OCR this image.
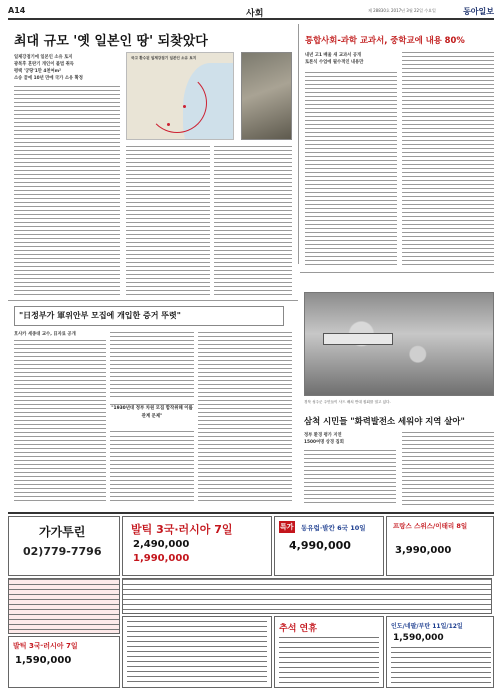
A14	사회	제 28830호 2017년 3월 22일 수요일	동아일보
최대 규모 '옛 일본인 땅' 되찾았다
일제강점기에 일본인 소유 토지
광복후 혼란기 개인이 불법 취득
평택 '궁땅'1만 4천여m²
소송 끝에 10년 만에 국가 소유 확정
국고 환수된 일제강점기 일본인 소유 토지
통합사회-과학 교과서, 중학교에 내용 80%
내년 고1 배울 새 교과서 공개
토론식 수업에 필수적인 내용만
"日정부가 軍위안부 모집에 개입한 증거 뚜렷"
호사카 세종대 교수, 日자료 공개
"1930년대 정부 차원 모집 합작위해 이를 관계 문제"
경북 성주군 주민들이 사드 배치 반대 집회를 열고 있다.
삼척 시민들 "화력발전소 세워야 지역 살아"
정부 환경 평가 지연
1500여명 상경 집회
가가투린
02)779-7796
발틱 3국·러시아 7일
2,490,000
1,990,000
특가 동유럽·발칸 6국 10일
4,990,000
프랑스 스위스/이태리 8일
3,990,000
발틱 3국·러시아 7일
1,590,000
추석 연휴	인도/네팔/부탄 11일/12일
1,590,000
